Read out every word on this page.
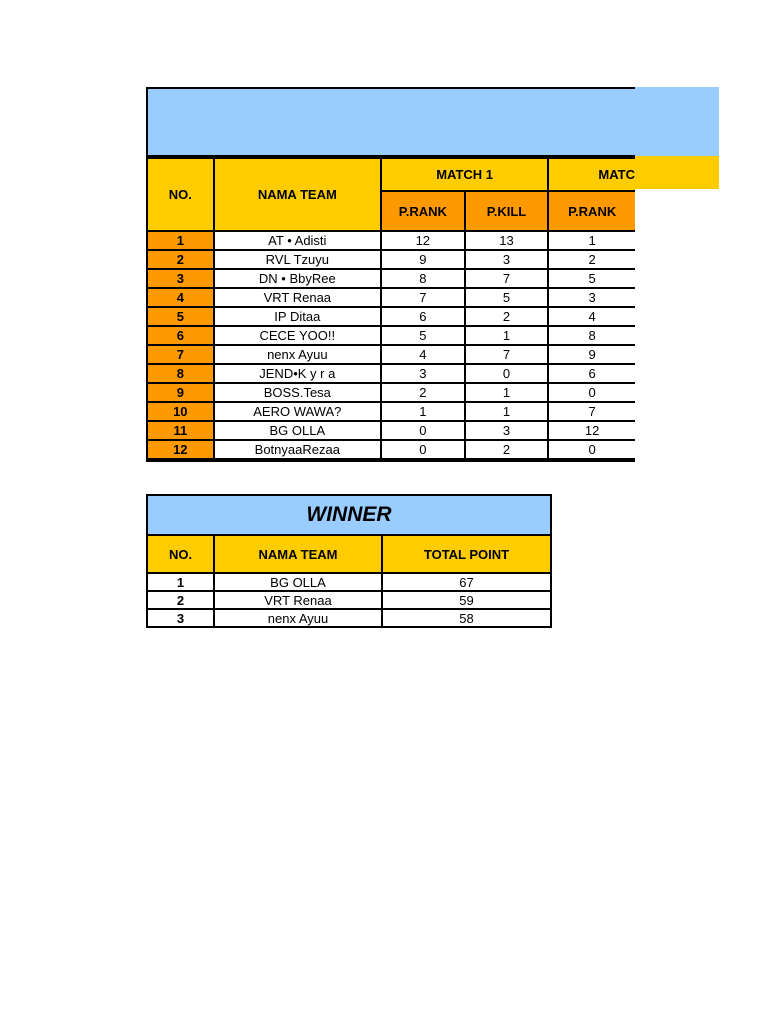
NO.	NAMA TEAM	MATCH 1		MATC
		P.RANK	P.KILL	P.RANK
1	AT • Adisti	12	13	1
2	RVL Tzuyu	9	3	2
3	DN • BbyRee	8	7	5
4	VRT Renaa	7	5	3
5	IP Ditaa	6	2	4
6	CECE YOO!!	5	1	8
7	nenx Ayuu	4	7	9
8	JEND•K y r a	3	0	6
9	BOSS.Tesa	2	1	0
10	AERO WAWA?	1	1	7
11	BG OLLA	0	3	12
12	BotnyaaRezaa	0	2	0
WINNER		
NO.	NAMA TEAM	TOTAL POINT
1	BG OLLA	67
2	VRT Renaa	59
3	nenx Ayuu	58
